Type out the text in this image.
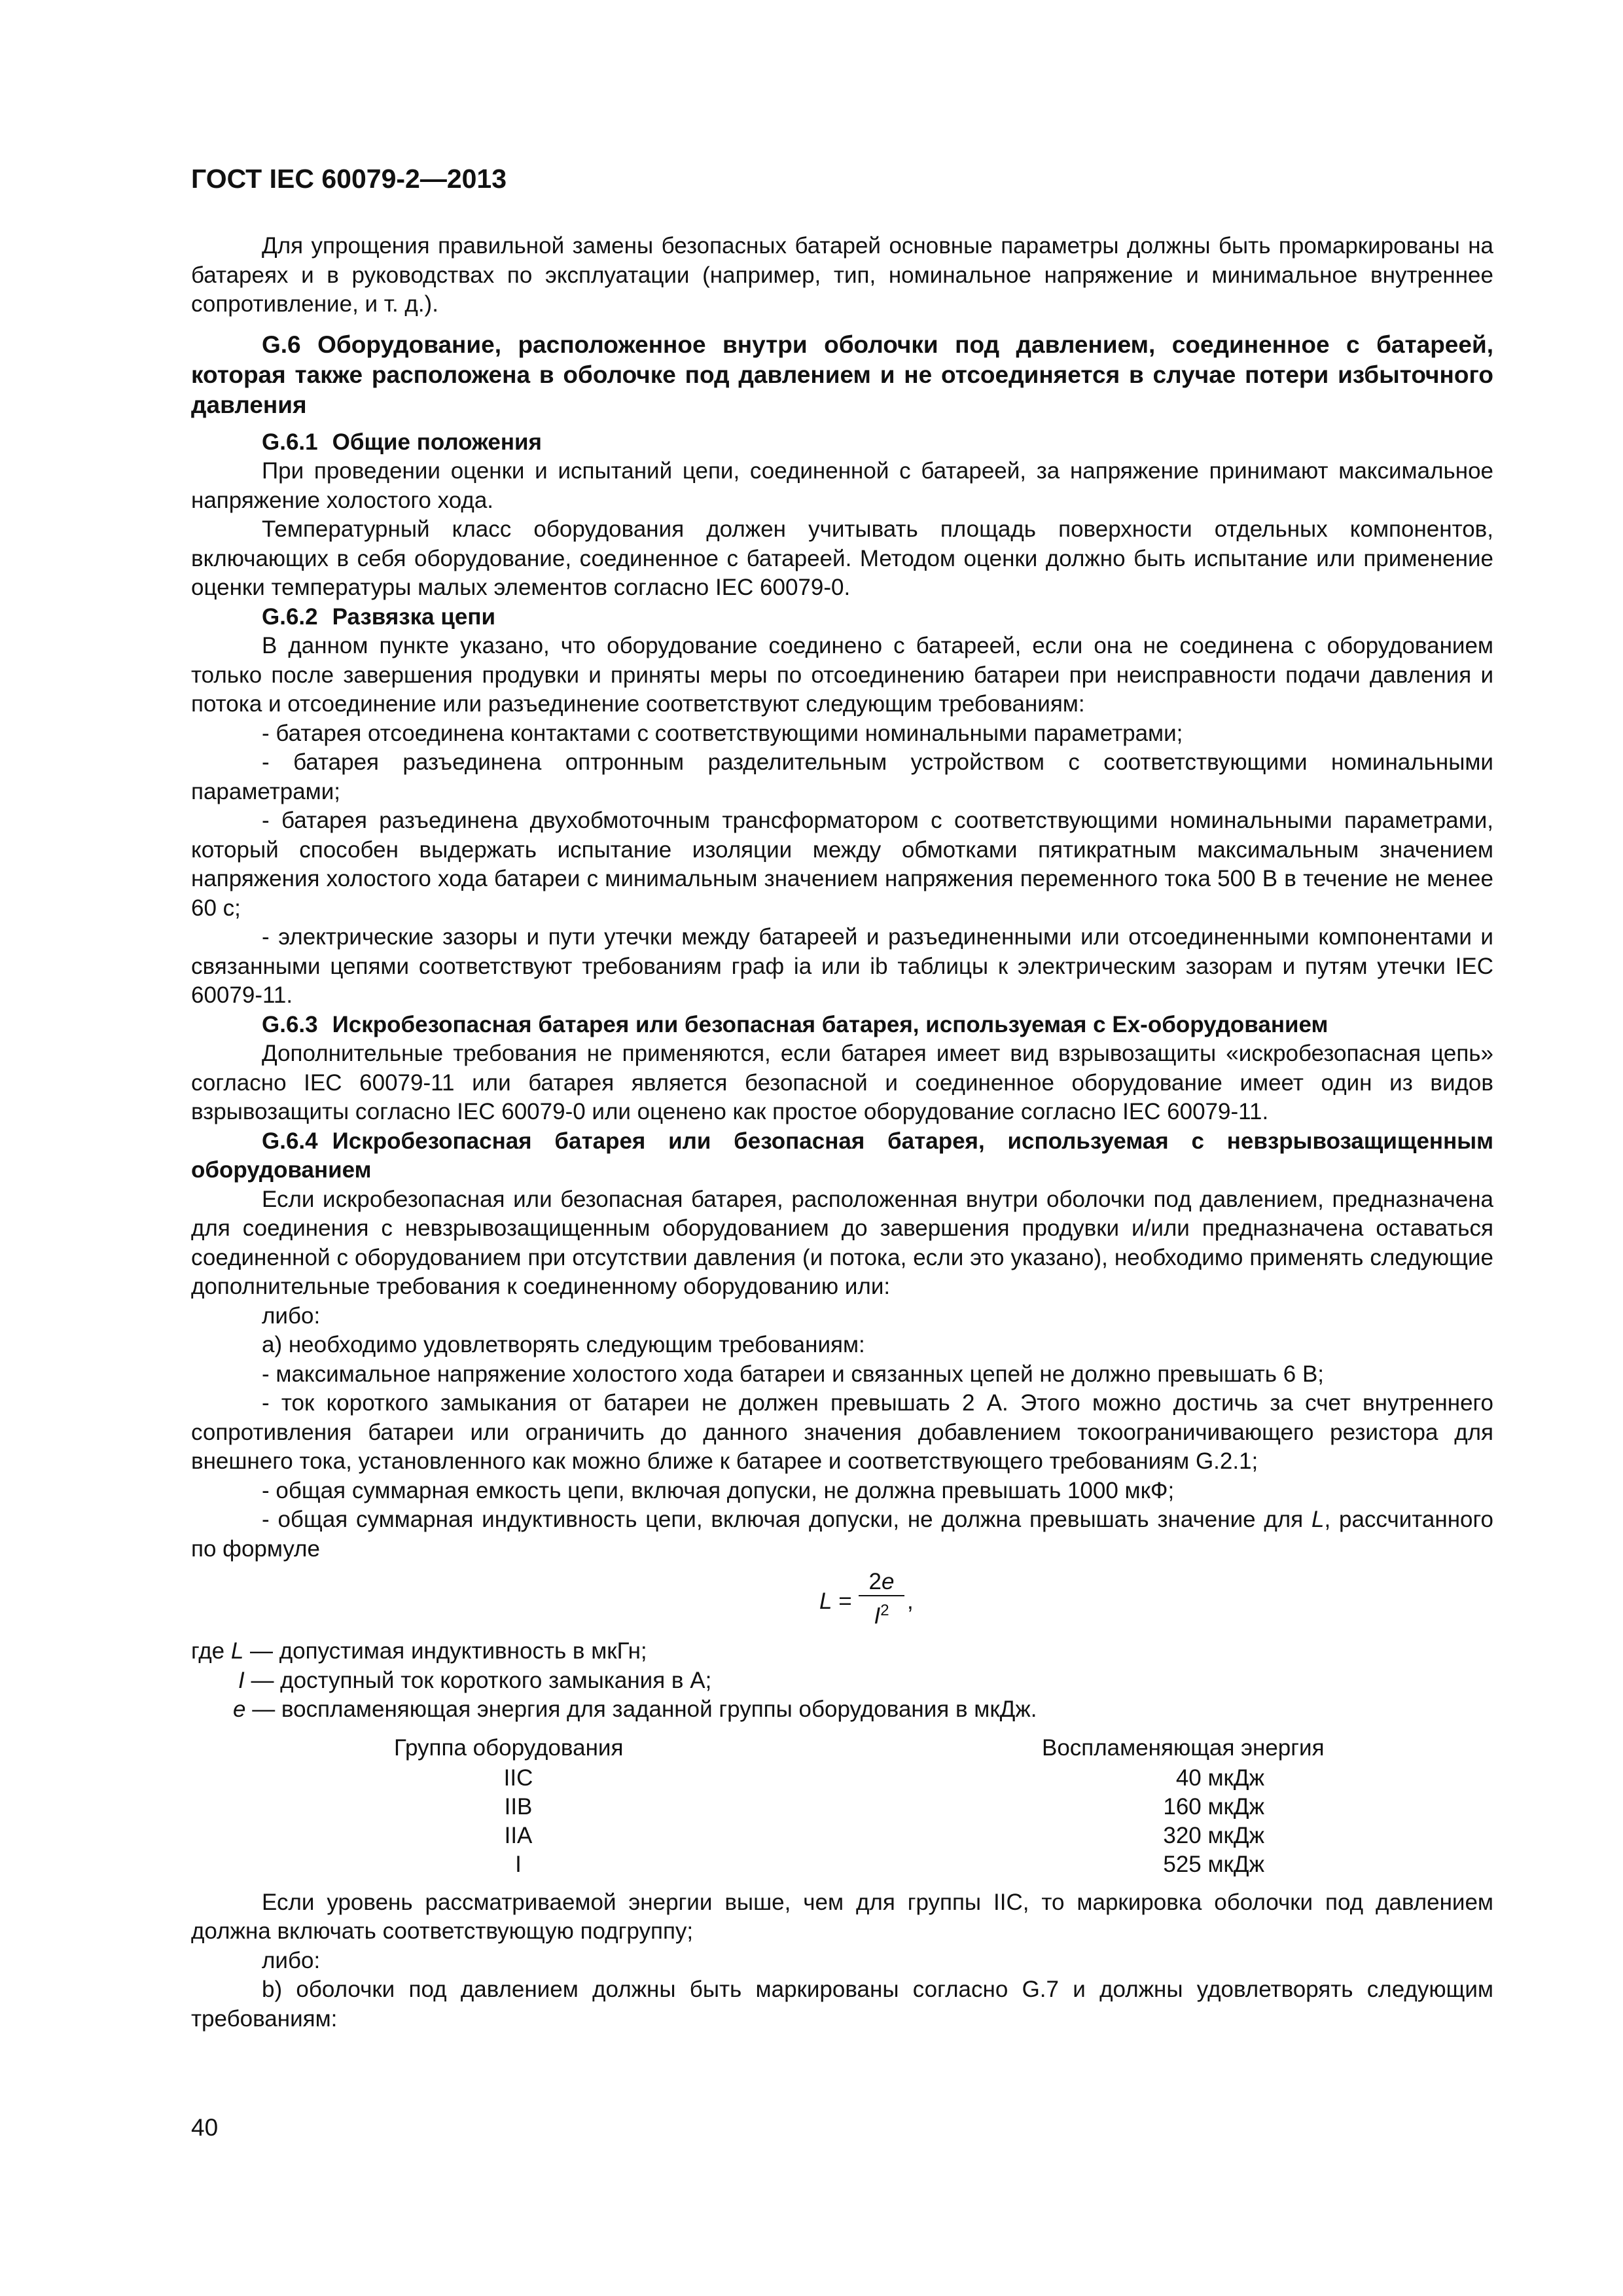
ГОСТ IEC 60079-2—2013

Для упрощения правильной замены безопасных батарей основные параметры должны быть промаркированы на батареях и в руководствах по эксплуатации (например, тип, номинальное напряжение и минимальное внутреннее сопротивление, и т. д.).

G.6 Оборудование, расположенное внутри оболочки под давлением, соединенное с батареей, которая также расположена в оболочке под давлением и не отсоединяется в случае потери избыточного давления
G.6.1 Общие положения

При проведении оценки и испытаний цепи, соединенной с батареей, за напряжение принимают максимальное напряжение холостого хода.

Температурный класс оборудования должен учитывать площадь поверхности отдельных компонентов, включающих в себя оборудование, соединенное с батареей. Методом оценки должно быть испытание или применение оценки температуры малых элементов согласно IEC 60079-0.

G.6.2 Развязка цепи

В данном пункте указано, что оборудование соединено с батареей, если она не соединена с оборудованием только после завершения продувки и приняты меры по отсоединению батареи при неисправности подачи давления и потока и отсоединение или разъединение соответствуют следующим требованиям:

- батарея отсоединена контактами с соответствующими номинальными параметрами;

- батарея разъединена оптронным разделительным устройством с соответствующими номинальными параметрами;

- батарея разъединена двухобмоточным трансформатором с соответствующими номинальными параметрами, который способен выдержать испытание изоляции между обмотками пятикратным максимальным значением напряжения холостого хода батареи с минимальным значением напряжения переменного тока 500 В в течение не менее 60 с;

- электрические зазоры и пути утечки между батареей и разъединенными или отсоединенными компонентами и связанными цепями соответствуют требованиям граф ia или ib таблицы к электрическим зазорам и путям утечки IEC 60079-11.

G.6.3 Искробезопасная батарея или безопасная батарея, используемая с Ex-оборудованием

Дополнительные требования не применяются, если батарея имеет вид взрывозащиты «искробезопасная цепь» согласно IEC 60079-11 или батарея является безопасной и соединенное оборудование имеет один из видов взрывозащиты согласно IEC 60079-0 или оценено как простое оборудование согласно IEC 60079-11.

G.6.4 Искробезопасная батарея или безопасная батарея, используемая с невзрывозащищенным оборудованием

Если искробезопасная или безопасная батарея, расположенная внутри оболочки под давлением, предназначена для соединения с невзрывозащищенным оборудованием до завершения продувки и/или предназначена оставаться соединенной с оборудованием при отсутствии давления (и потока, если это указано), необходимо применять следующие дополнительные требования к соединенному оборудованию или:

либо:

а) необходимо удовлетворять следующим требованиям:

- максимальное напряжение холостого хода батареи и связанных цепей не должно превышать 6 В;

- ток короткого замыкания от батареи не должен превышать 2 А. Этого можно достичь за счет внутреннего сопротивления батареи или ограничить до данного значения добавлением токоограничивающего резистора для внешнего тока, установленного как можно ближе к батарее и соответствующего требованиям G.2.1;

- общая суммарная емкость цепи, включая допуски, не должна превышать 1000 мкФ;

- общая суммарная индуктивность цепи, включая допуски, не должна превышать значение для L, рассчитанного по формуле

$L = \frac{2e}{I^2}$ ,
где L — допустимая индуктивность в мкГн;
I — доступный ток короткого замыкания в А;
e — воспламеняющая энергия для заданной группы оборудования в мкДж.
Группа оборудования	Воспламеняющая энергия
IIC	40 мкДж
IIB	160 мкДж
IIA	320 мкДж
I	525 мкДж

Если уровень рассматриваемой энергии выше, чем для группы IIC, то маркировка оболочки под давлением должна включать соответствующую подгруппу;

либо:

b) оболочки под давлением должны быть маркированы согласно G.7 и должны удовлетворять следующим требованиям:

40
